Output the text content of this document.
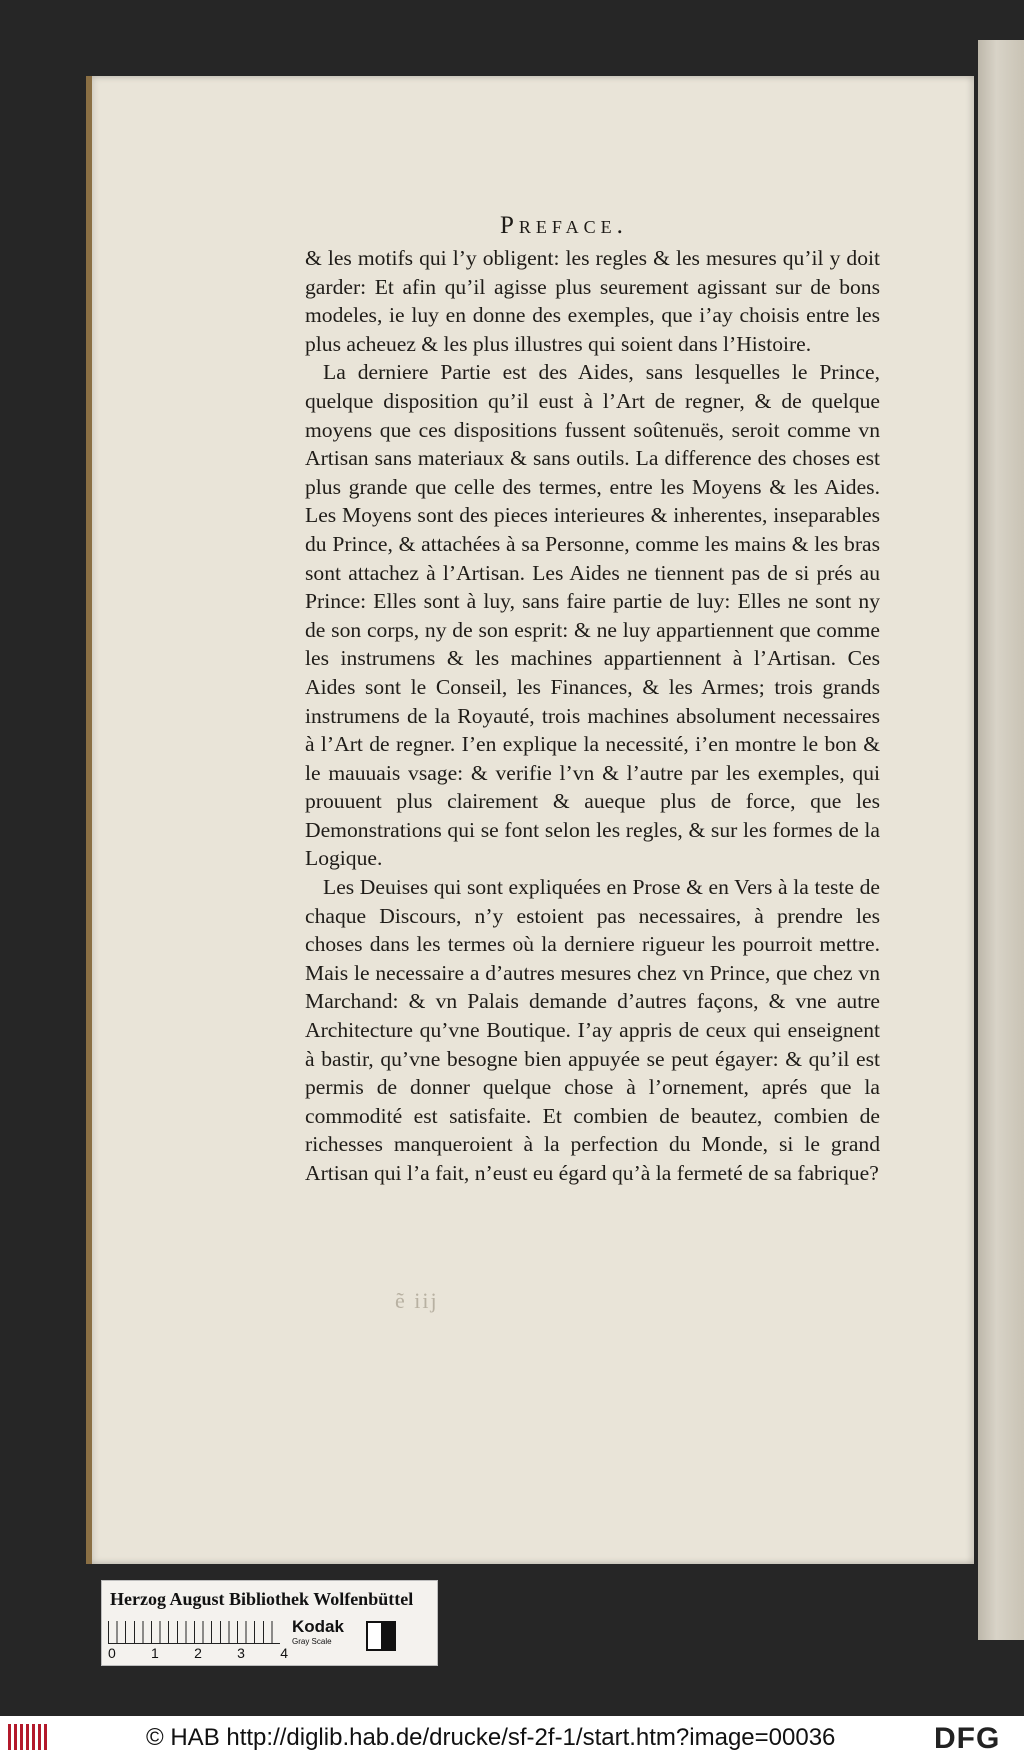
Preface.

& les motifs qui l’y obligent: les regles & les mesures qu’il y doit garder: Et afin qu’il agisse plus seurement agissant sur de bons modeles, ie luy en donne des exemples, que i’ay choisis entre les plus acheuez & les plus illustres qui soient dans l’Histoire.

La derniere Partie est des Aides, sans lesquelles le Prince, quelque disposition qu’il eust à l’Art de regner, & de quelque moyens que ces dispositions fussent soûtenuës, seroit comme vn Artisan sans materiaux & sans outils. La difference des choses est plus grande que celle des termes, entre les Moyens & les Aides. Les Moyens sont des pieces interieures & inherentes, inseparables du Prince, & attachées à sa Personne, comme les mains & les bras sont attachez à l’Artisan. Les Aides ne tiennent pas de si prés au Prince: Elles sont à luy, sans faire partie de luy: Elles ne sont ny de son corps, ny de son esprit: & ne luy appartiennent que comme les instrumens & les machines appartiennent à l’Artisan. Ces Aides sont le Conseil, les Finances, & les Armes; trois grands instrumens de la Royauté, trois machines absolument necessaires à l’Art de regner. I’en explique la necessité, i’en montre le bon & le mauuais vsage: & verifie l’vn & l’autre par les exemples, qui prouuent plus clairement & aueque plus de force, que les Demonstrations qui se font selon les regles, & sur les formes de la Logique.

Les Deuises qui sont expliquées en Prose & en Vers à la teste de chaque Discours, n’y estoient pas necessaires, à prendre les choses dans les termes où la derniere rigueur les pourroit mettre. Mais le necessaire a d’autres mesures chez vn Prince, que chez vn Marchand: & vn Palais demande d’autres façons, & vne autre Architecture qu’vne Boutique. I’ay appris de ceux qui enseignent à bastir, qu’vne besogne bien appuyée se peut égayer: & qu’il est permis de donner quelque chose à l’ornement, aprés que la commodité est satisfaite. Et combien de beautez, combien de richesses manqueroient à la perfection du Monde, si le grand Artisan qui l’a fait, n’eust eu égard qu’à la fermeté de sa fabrique?

ẽ iij
Herzog August Bibliothek Wolfenbüttel
0	1	2	3	4
Kodak
Gray Scale
© HAB http://diglib.hab.de/drucke/sf-2f-1/start.htm?image=00036	DFG
